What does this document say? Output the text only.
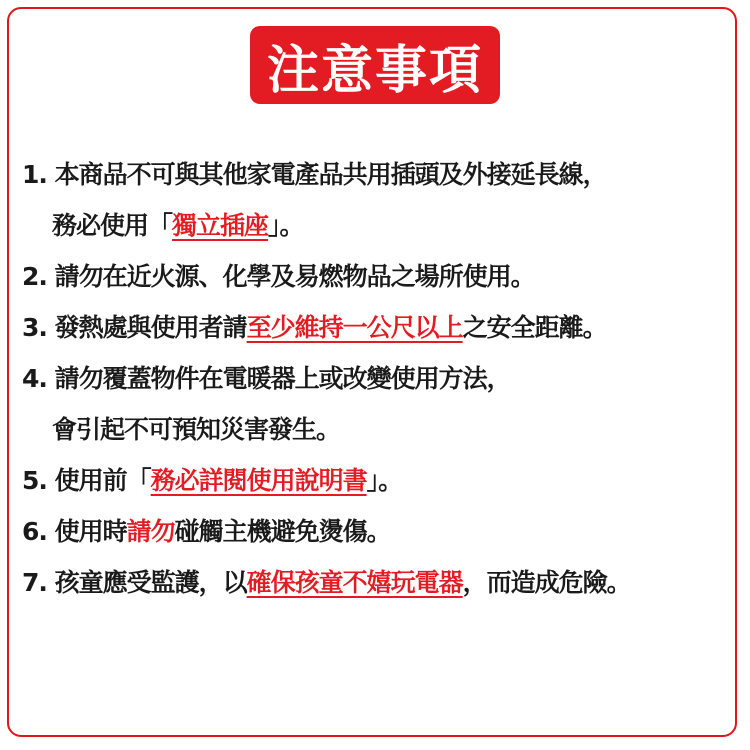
注意事項
1. 本商品不可與其他家電產品共用插頭及外接延長線，
務必使用「獨立插座」。
2. 請勿在近火源、化學及易燃物品之場所使用。
3. 發熱處與使用者請至少維持一公尺以上之安全距離。
4. 請勿覆蓋物件在電暖器上或改變使用方法，
會引起不可預知災害發生。
5. 使用前「務必詳閱使用說明書」。
6. 使用時請勿碰觸主機避免燙傷。
7. 孩童應受監護，以確保孩童不嬉玩電器，而造成危險。
